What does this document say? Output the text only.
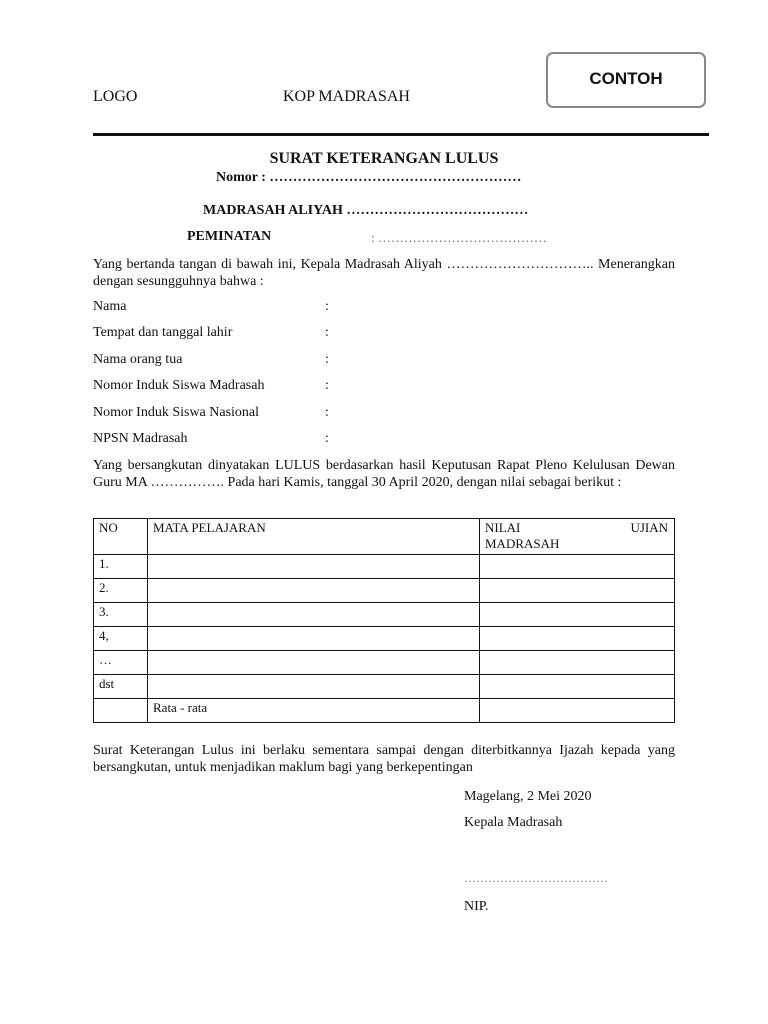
CONTOH
LOGO	KOP MADRASAH
SURAT KETERANGAN LULUS
Nomor : ………………………………………………
MADRASAH ALIYAH …………………………………
PEMINATAN	: …………………………………
Yang bertanda tangan di bawah ini, Kepala Madrasah Aliyah ………………………….. Menerangkan dengan sesungguhnya bahwa :
Nama	:
Tempat dan tanggal lahir	:
Nama orang tua	:
Nomor Induk Siswa Madrasah	:
Nomor Induk Siswa Nasional	:
NPSN Madrasah	:
Yang bersangkutan dinyatakan LULUS berdasarkan hasil Keputusan Rapat Pleno Kelulusan Dewan Guru MA ……………. Pada hari Kamis, tanggal 30 April 2020, dengan nilai sebagai berikut :
NO	MATA PELAJARAN	NILAI UJIAN
MADRASAH

1.		
2.		
3.		
4,		
…		
dst		
	Rata - rata	
Surat Keterangan Lulus ini berlaku sementara sampai dengan diterbitkannya Ijazah kepada yang bersangkutan, untuk menjadikan maklum bagi yang berkepentingan
Magelang, 2 Mei 2020
Kepala Madrasah
………………………………
NIP.
